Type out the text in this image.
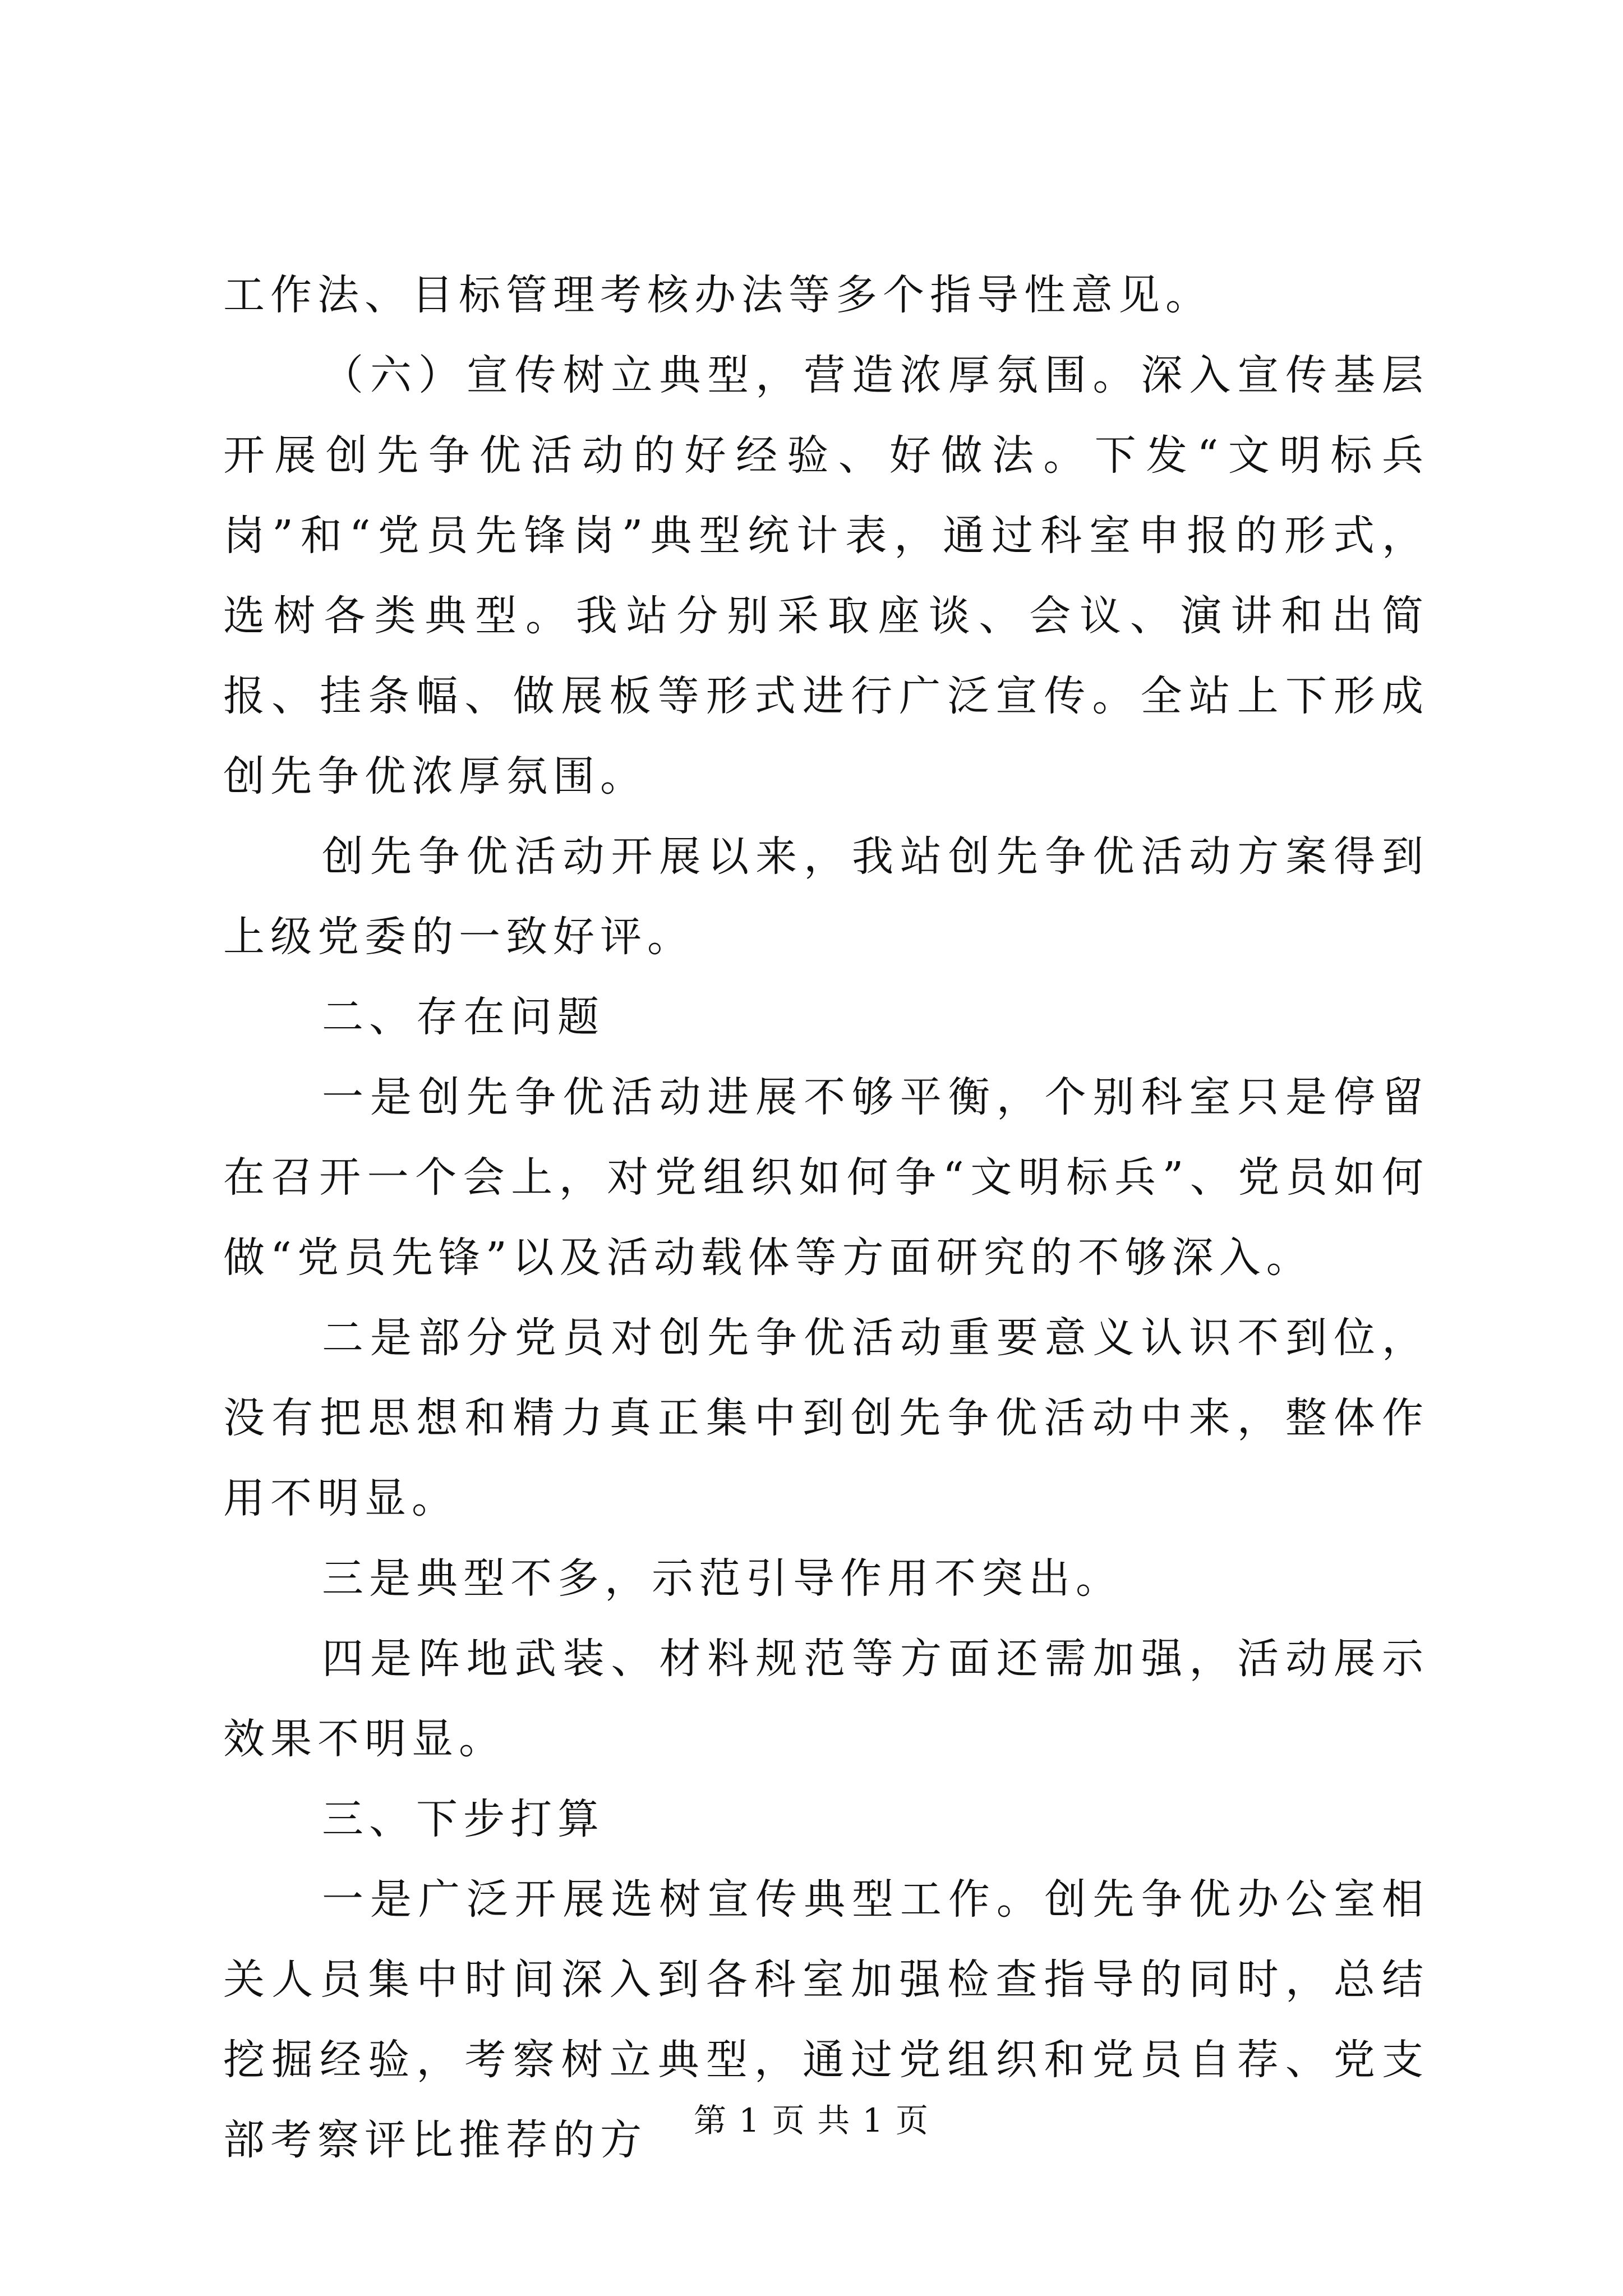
工作法、目标管理考核办法等多个指导性意见。

（六）宣传树立典型，营造浓厚氛围。深入宣传基层开展创先争优活动的好经验、好做法。下发“文明标兵岗”和“党员先锋岗”典型统计表，通过科室申报的形式，选树各类典型。我站分别采取座谈、会议、演讲和出简报、挂条幅、做展板等形式进行广泛宣传。全站上下形成创先争优浓厚氛围。

创先争优活动开展以来，我站创先争优活动方案得到上级党委的一致好评。

二、存在问题

一是创先争优活动进展不够平衡，个别科室只是停留在召开一个会上，对党组织如何争“文明标兵”、党员如何做“党员先锋”以及活动载体等方面研究的不够深入。

二是部分党员对创先争优活动重要意义认识不到位，没有把思想和精力真正集中到创先争优活动中来，整体作用不明显。

三是典型不多，示范引导作用不突出。

四是阵地武装、材料规范等方面还需加强，活动展示效果不明显。

三、下步打算

一是广泛开展选树宣传典型工作。创先争优办公室相关人员集中时间深入到各科室加强检查指导的同时，总结挖掘经验，考察树立典型，通过党组织和党员自荐、党支部考察评比推荐的方	第 1 页 共 1 页
